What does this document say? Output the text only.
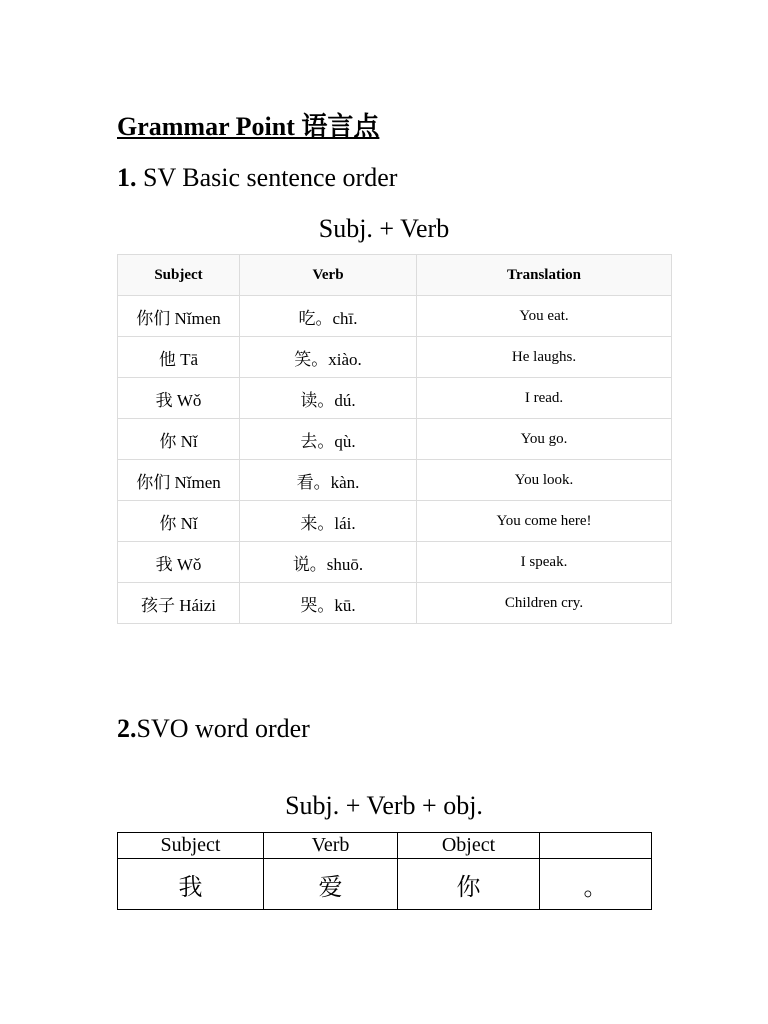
Grammar Point 语言点
1. SV Basic sentence order
Subj. + Verb
Subject	Verb	Translation
你们 Nǐmen	吃。chī.	You eat.
他 Tā	笑。xiào.	He laughs.
我 Wǒ	读。dú.	I read.
你 Nǐ	去。qù.	You go.
你们 Nǐmen	看。kàn.	You look.
你 Nǐ	来。lái.	You come here!
我 Wǒ	说。shuō.	I speak.
孩子 Háizi	哭。kū.	Children cry.
2.SVO word order
Subj. + Verb + obj.
Subject	Verb	Object	
我	爱	你	。
